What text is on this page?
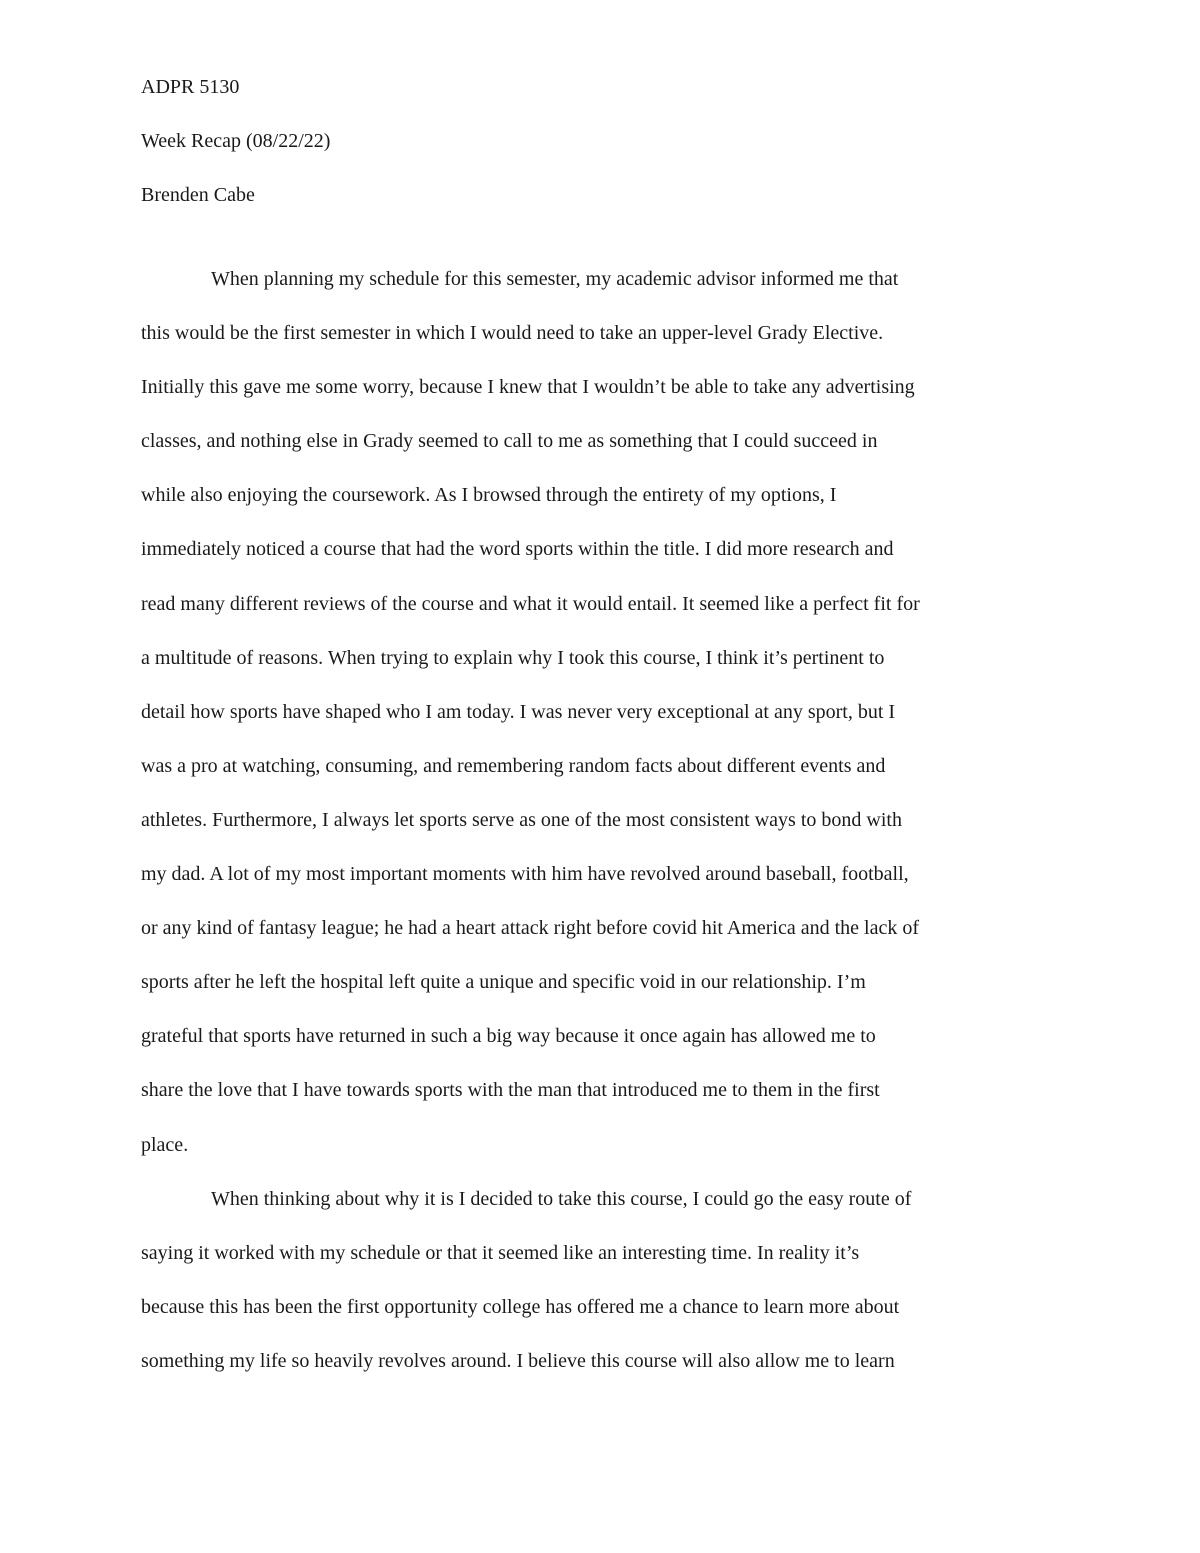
ADPR 5130
Week Recap (08/22/22)
Brenden Cabe
When planning my schedule for this semester, my academic advisor informed me that
this would be the first semester in which I would need to take an upper-level Grady Elective.
Initially this gave me some worry, because I knew that I wouldn’t be able to take any advertising
classes, and nothing else in Grady seemed to call to me as something that I could succeed in
while also enjoying the coursework. As I browsed through the entirety of my options, I
immediately noticed a course that had the word sports within the title. I did more research and
read many different reviews of the course and what it would entail. It seemed like a perfect fit for
a multitude of reasons. When trying to explain why I took this course, I think it’s pertinent to
detail how sports have shaped who I am today. I was never very exceptional at any sport, but I
was a pro at watching, consuming, and remembering random facts about different events and
athletes. Furthermore, I always let sports serve as one of the most consistent ways to bond with
my dad. A lot of my most important moments with him have revolved around baseball, football,
or any kind of fantasy league; he had a heart attack right before covid hit America and the lack of
sports after he left the hospital left quite a unique and specific void in our relationship. I’m
grateful that sports have returned in such a big way because it once again has allowed me to
share the love that I have towards sports with the man that introduced me to them in the first
place.
When thinking about why it is I decided to take this course, I could go the easy route of
saying it worked with my schedule or that it seemed like an interesting time. In reality it’s
because this has been the first opportunity college has offered me a chance to learn more about
something my life so heavily revolves around. I believe this course will also allow me to learn
